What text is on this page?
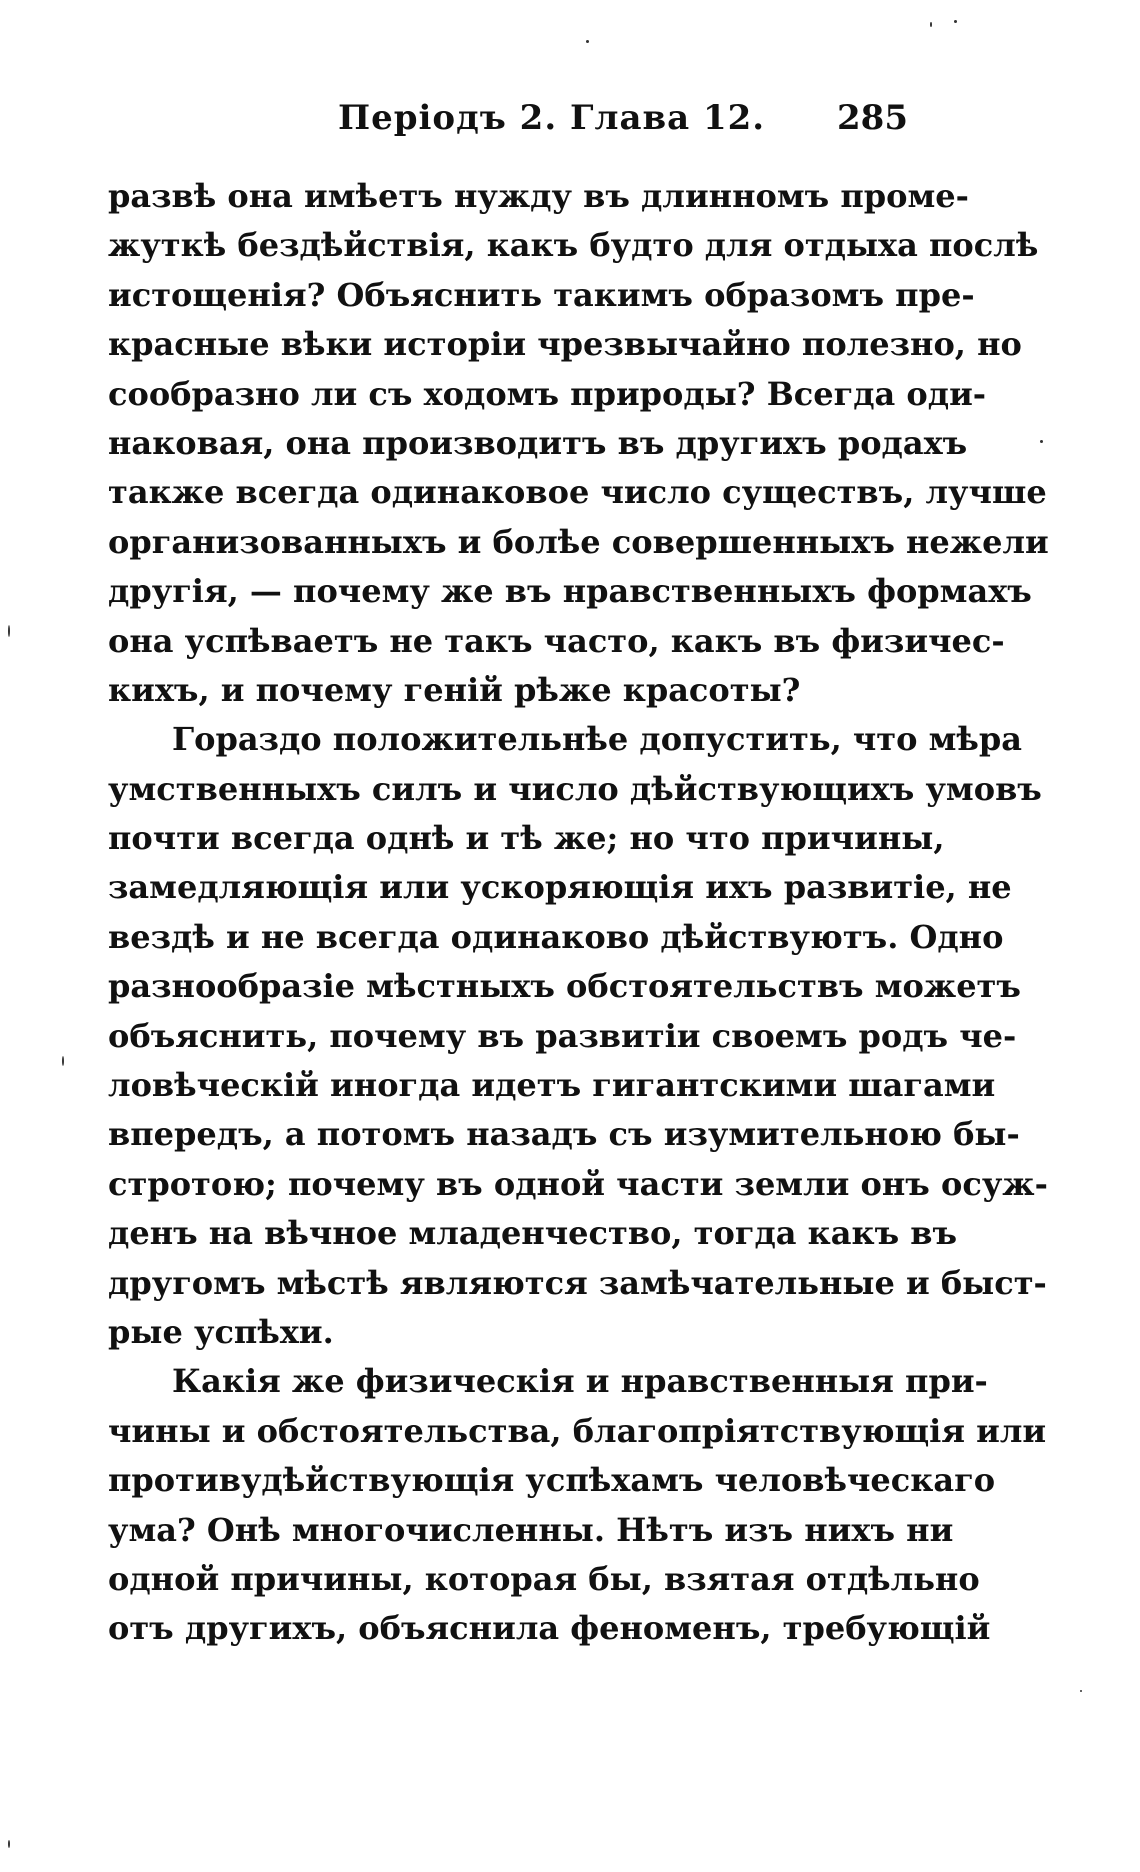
Періодъ 2. Глава 12. 285
развѣ она имѣетъ нужду въ длинномъ проме-
жуткѣ бездѣйствія, какъ будто для отдыха послѣ
истощенія? Объяснить такимъ образомъ пре-
красные вѣки исторіи чрезвычайно полезно, но
сообразно ли съ ходомъ природы? Всегда оди-
наковая, она производитъ въ другихъ родахъ
также всегда одинаковое число существъ, лучше
организованныхъ и болѣе совершенныхъ нежели
другія, — почему же въ нравственныхъ формахъ
она успѣваетъ не такъ часто, какъ въ физичес-
кихъ, и почему геній рѣже красоты?
Гораздо положительнѣе допустить, что мѣра
умственныхъ силъ и число дѣйствующихъ умовъ
почти всегда однѣ и тѣ же; но что причины,
замедляющія или ускоряющія ихъ развитіе, не
вездѣ и не всегда одинаково дѣйствуютъ. Одно
разнообразіе мѣстныхъ обстоятельствъ можетъ
объяснить, почему въ развитіи своемъ родъ че-
ловѣческій иногда идетъ гигантскими шагами
впередъ, а потомъ назадъ съ изумительною бы-
стротою; почему въ одной части земли онъ осуж-
денъ на вѣчное младенчество, тогда какъ въ
другомъ мѣстѣ являются замѣчательные и быст-
рые успѣхи.
Какія же физическія и нравственныя при-
чины и обстоятельства, благопріятствующія или
противудѣйствующія успѣхамъ человѣческаго
ума? Онѣ многочисленны. Нѣтъ изъ нихъ ни
одной причины, которая бы, взятая отдѣльно
отъ другихъ, объяснила феноменъ, требующій
